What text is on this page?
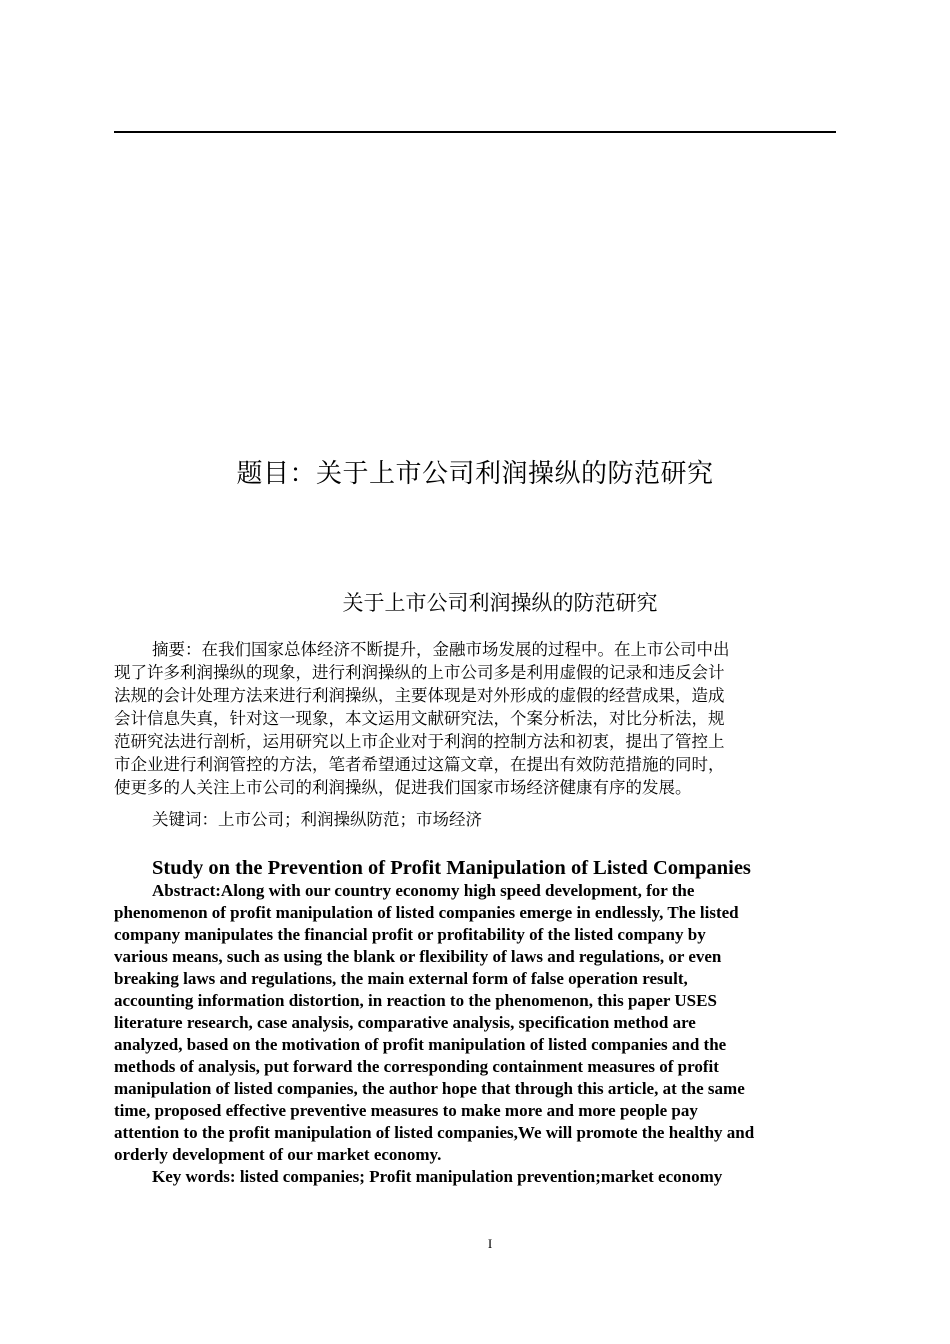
题目：关于上市公司利润操纵的防范研究
关于上市公司利润操纵的防范研究
摘要：在我们国家总体经济不断提升，金融市场发展的过程中。在上市公司中出
现了许多利润操纵的现象，进行利润操纵的上市公司多是利用虚假的记录和违反会计
法规的会计处理方法来进行利润操纵，主要体现是对外形成的虚假的经营成果，造成
会计信息失真，针对这一现象，本文运用文献研究法，个案分析法，对比分析法，规
范研究法进行剖析，运用研究以上市企业对于利润的控制方法和初衷，提出了管控上
市企业进行利润管控的方法，笔者希望通过这篇文章，在提出有效防范措施的同时，
使更多的人关注上市公司的利润操纵，促进我们国家市场经济健康有序的发展。
关键词：上市公司；利润操纵防范；市场经济
Study on the Prevention of Profit Manipulation of Listed Companies
Abstract:Along with our country economy high speed development, for the
phenomenon of profit manipulation of listed companies emerge in endlessly, The listed
company manipulates the financial profit or profitability of the listed company by
various means, such as using the blank or flexibility of laws and regulations, or even
breaking laws and regulations, the main external form of false operation result,
accounting information distortion, in reaction to the phenomenon, this paper USES
literature research, case analysis, comparative analysis, specification method are
analyzed, based on the motivation of profit manipulation of listed companies and the
methods of analysis, put forward the corresponding containment measures of profit
manipulation of listed companies, the author hope that through this article, at the same
time, proposed effective preventive measures to make more and more people pay
attention to the profit manipulation of listed companies,We will promote the healthy and
orderly development of our market economy.
Key words: listed companies; Profit manipulation prevention;market economy
I
